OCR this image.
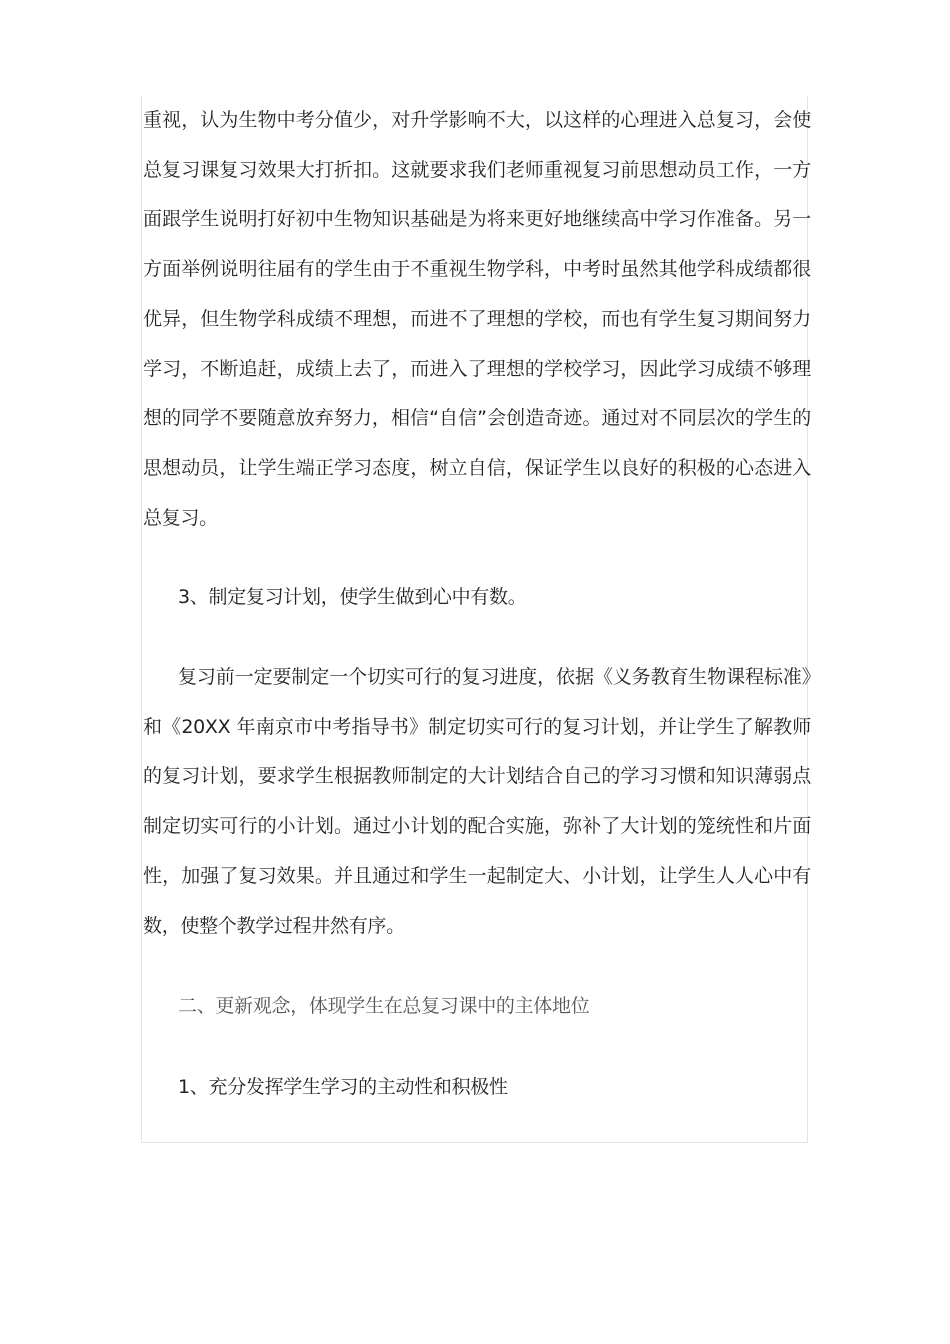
重视，认为生物中考分值少，对升学影响不大，以这样的心理进入总复习，会使总复习课复习效果大打折扣。这就要求我们老师重视复习前思想动员工作，一方面跟学生说明打好初中生物知识基础是为将来更好地继续高中学习作准备。另一方面举例说明往届有的学生由于不重视生物学科，中考时虽然其他学科成绩都很优异，但生物学科成绩不理想，而进不了理想的学校，而也有学生复习期间努力学习，不断追赶，成绩上去了，而进入了理想的学校学习，因此学习成绩不够理想的同学不要随意放弃努力，相信“自信”会创造奇迹。通过对不同层次的学生的思想动员，让学生端正学习态度，树立自信，保证学生以良好的积极的心态进入总复习。

3、制定复习计划，使学生做到心中有数。

复习前一定要制定一个切实可行的复习进度，依据《义务教育生物课程标准》和《20XX 年南京市中考指导书》制定切实可行的复习计划，并让学生了解教师的复习计划，要求学生根据教师制定的大计划结合自己的学习习惯和知识薄弱点制定切实可行的小计划。通过小计划的配合实施，弥补了大计划的笼统性和片面性，加强了复习效果。并且通过和学生一起制定大、小计划，让学生人人心中有数，使整个教学过程井然有序。

二、更新观念，体现学生在总复习课中的主体地位

1、充分发挥学生学习的主动性和积极性
